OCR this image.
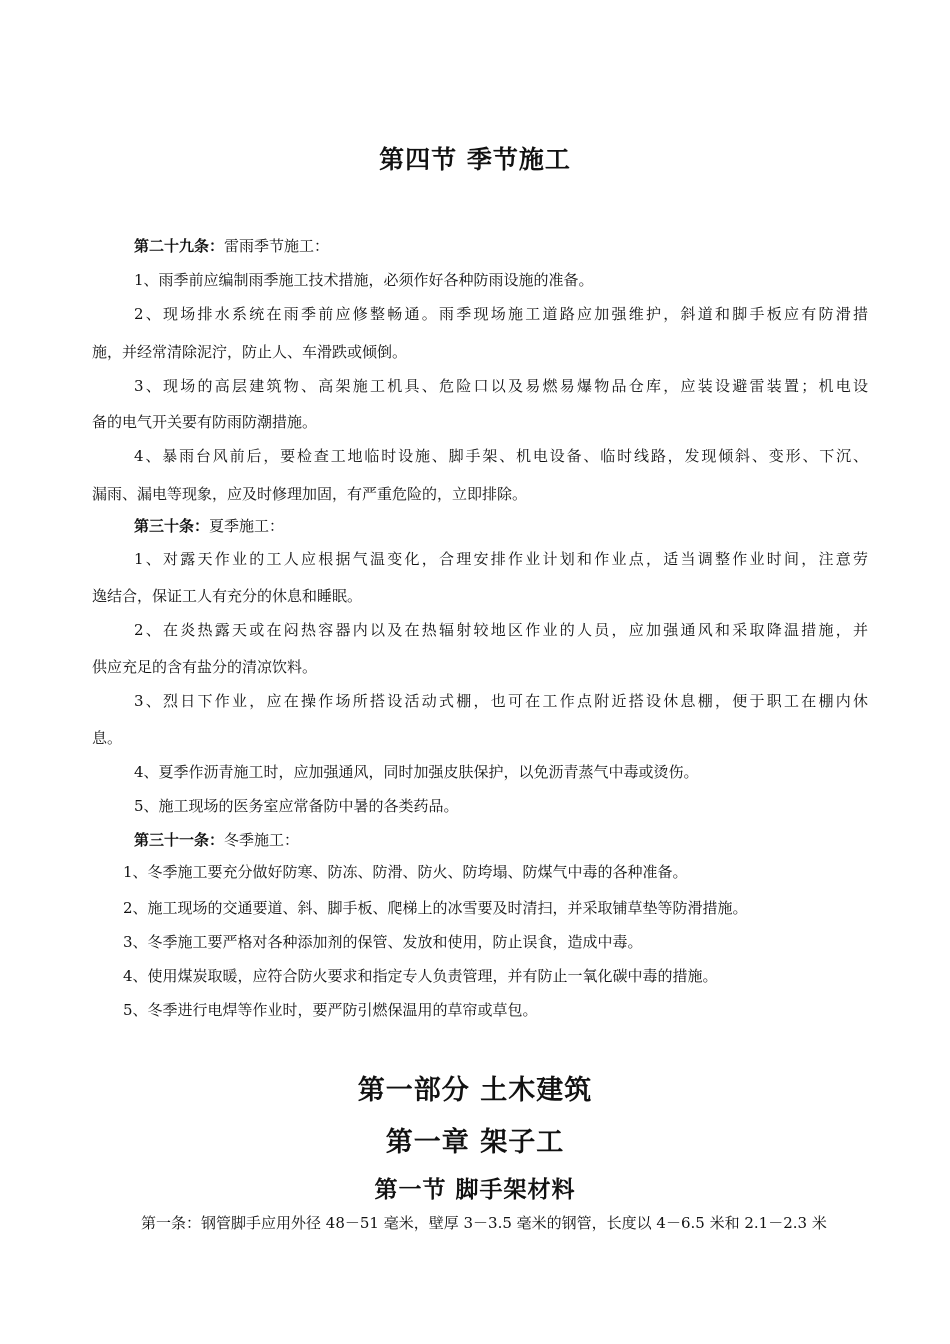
第四节 季节施工
第二十九条：雷雨季节施工：
1、雨季前应编制雨季施工技术措施，必须作好各种防雨设施的准备。
2、现场排水系统在雨季前应修整畅通。雨季现场施工道路应加强维护，斜道和脚手板应有防滑措
施，并经常清除泥泞，防止人、车滑跌或倾倒。
3、现场的高层建筑物、高架施工机具、危险口以及易燃易爆物品仓库，应装设避雷装置；机电设
备的电气开关要有防雨防潮措施。
4、暴雨台风前后，要检查工地临时设施、脚手架、机电设备、临时线路，发现倾斜、变形、下沉、
漏雨、漏电等现象，应及时修理加固，有严重危险的，立即排除。
第三十条：夏季施工：
1、对露天作业的工人应根据气温变化，合理安排作业计划和作业点，适当调整作业时间，注意劳
逸结合，保证工人有充分的休息和睡眠。
2、在炎热露天或在闷热容器内以及在热辐射较地区作业的人员，应加强通风和采取降温措施，并
供应充足的含有盐分的清凉饮料。
3、烈日下作业，应在操作场所搭设活动式棚，也可在工作点附近搭设休息棚，便于职工在棚内休
息。
4、夏季作沥青施工时，应加强通风，同时加强皮肤保护，以免沥青蒸气中毒或烫伤。
5、施工现场的医务室应常备防中暑的各类药品。
第三十一条：冬季施工：
1、冬季施工要充分做好防寒、防冻、防滑、防火、防垮塌、防煤气中毒的各种准备。
2、施工现场的交通要道、斜、脚手板、爬梯上的冰雪要及时清扫，并采取铺草垫等防滑措施。
3、冬季施工要严格对各种添加剂的保管、发放和使用，防止误食，造成中毒。
4、使用煤炭取暖，应符合防火要求和指定专人负责管理，并有防止一氧化碳中毒的措施。
5、冬季进行电焊等作业时，要严防引燃保温用的草帘或草包。
第一部分 土木建筑
第一章 架子工
第一节 脚手架材料
第一条：钢管脚手应用外径 48－51 毫米，壁厚 3－3.5 毫米的钢管，长度以 4－6.5 米和 2.1－2.3 米
